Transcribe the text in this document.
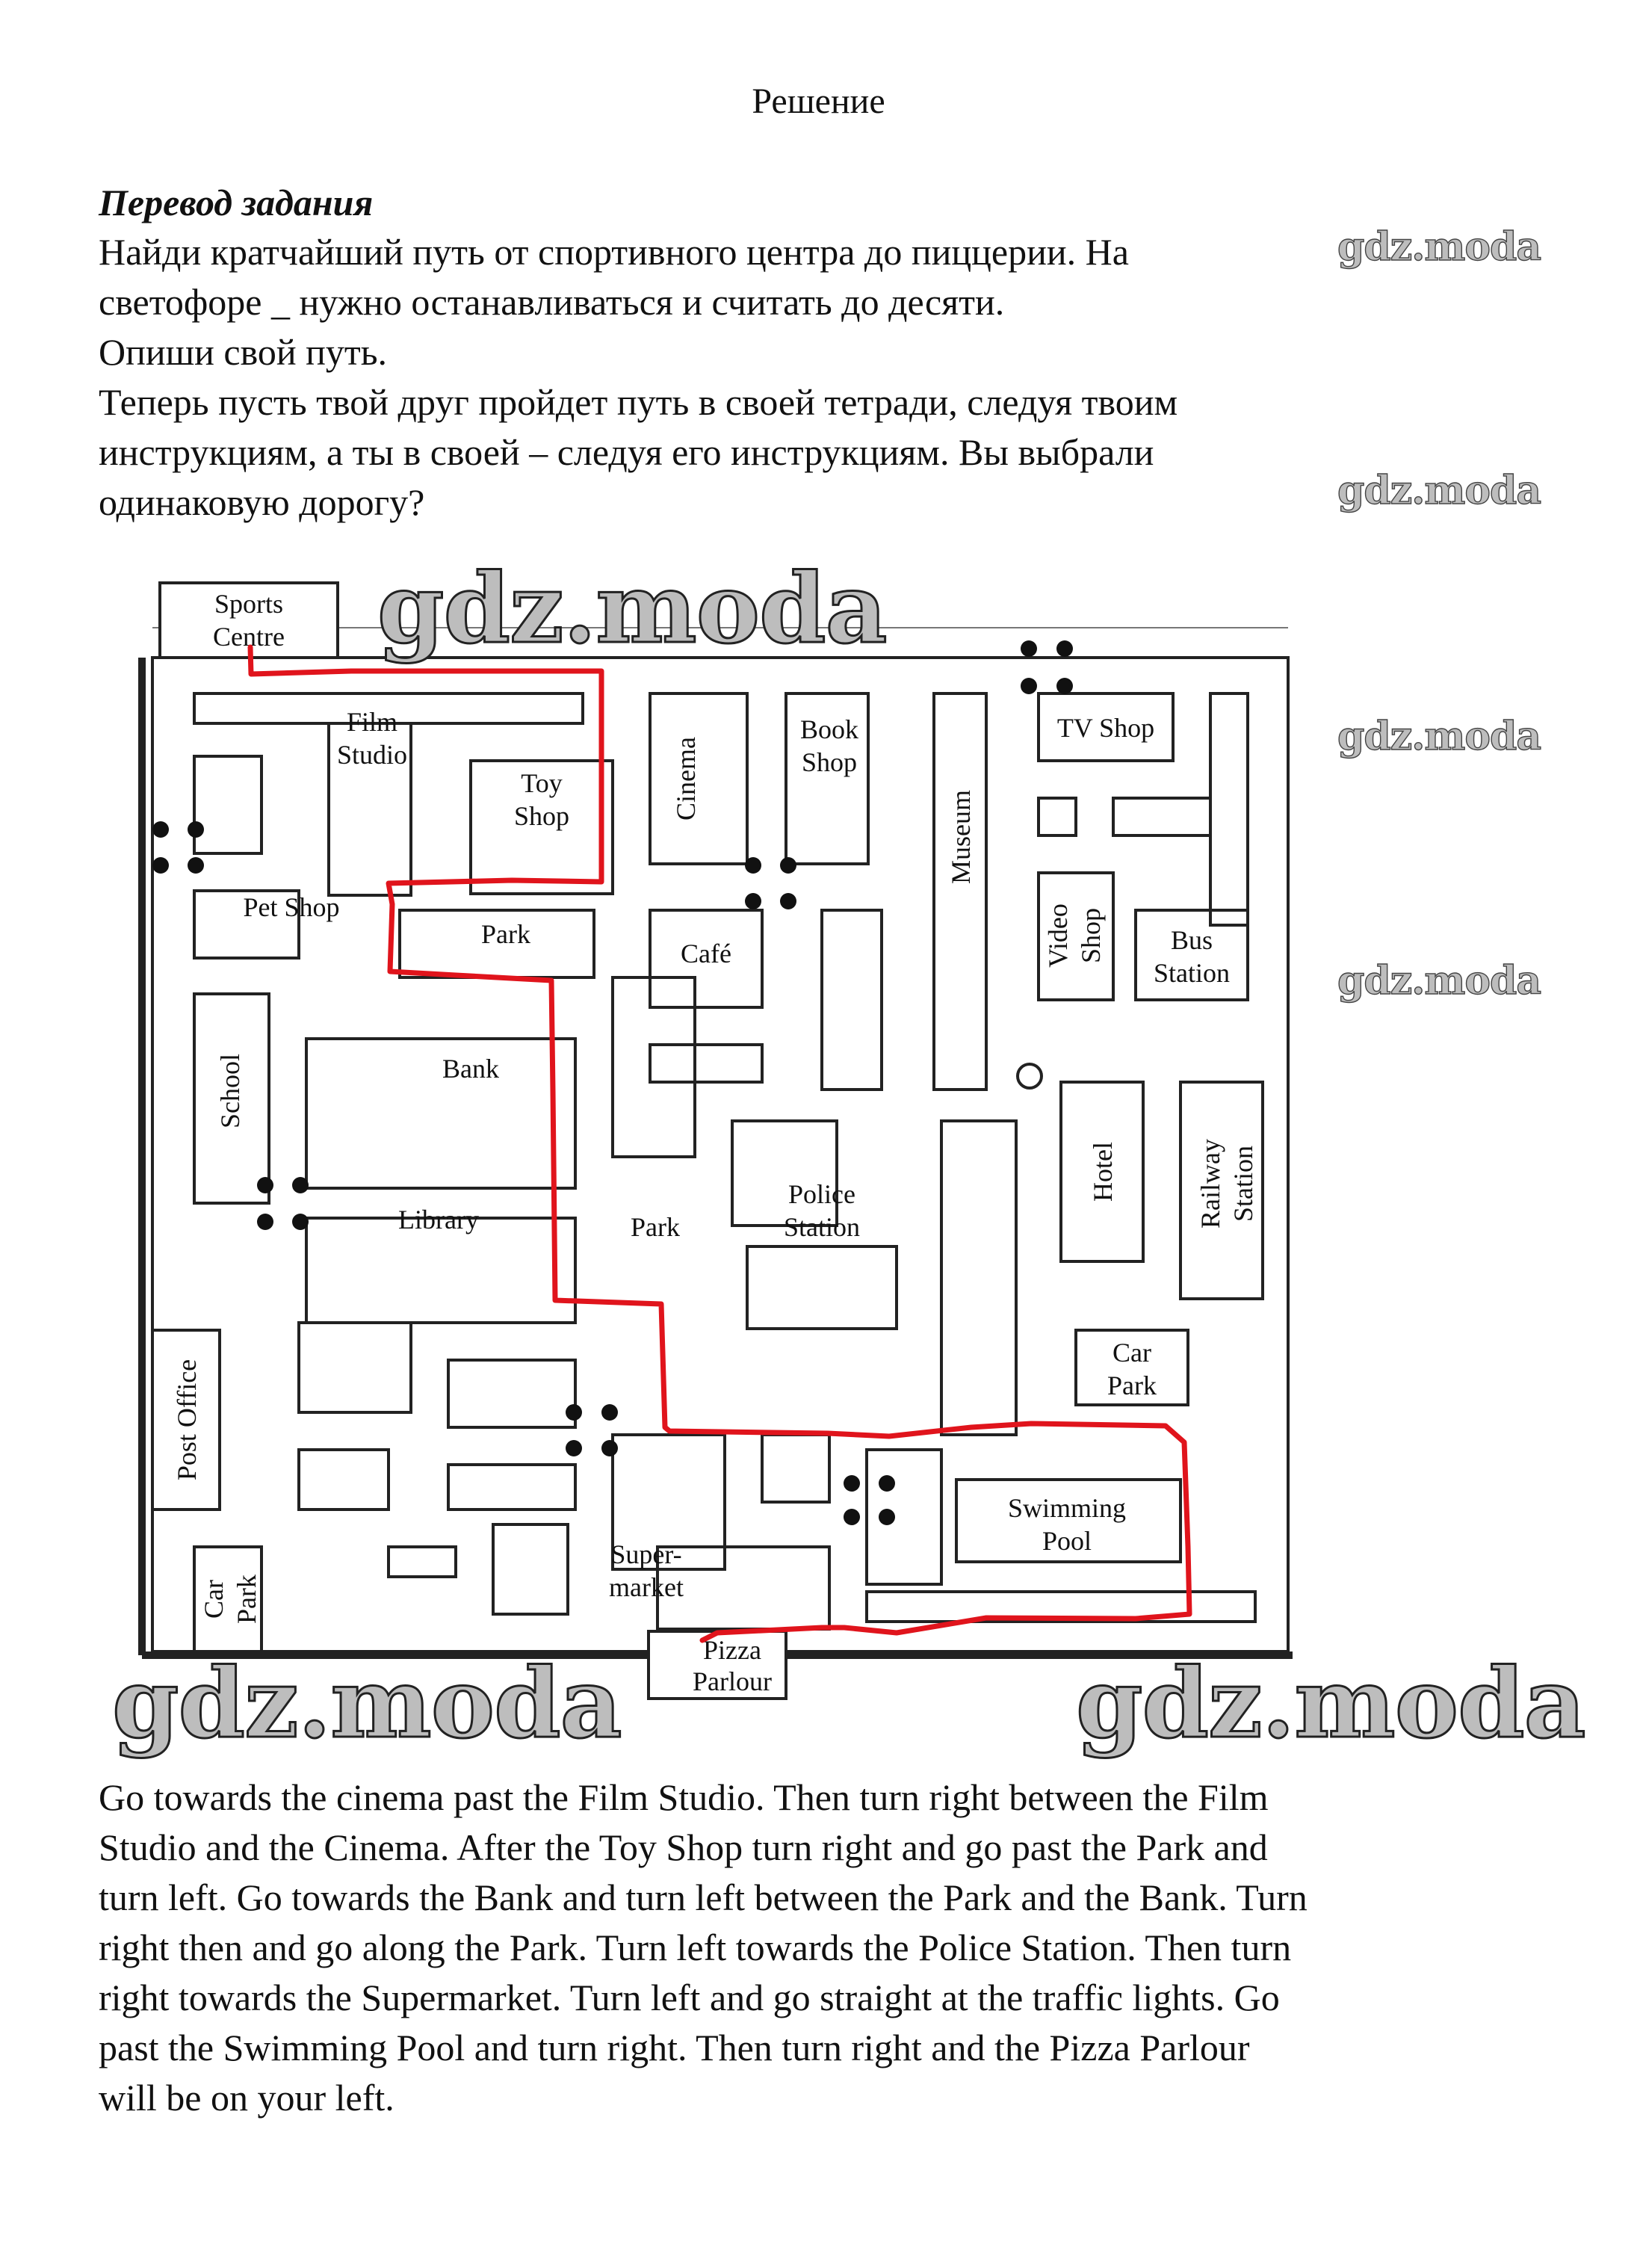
Решение
Перевод задания
Найди кратчайший путь от спортивного центра до пиццерии. На
светофоре _ нужно останавливаться и считать до десяти.
Опиши свой путь.
Теперь пусть твой друг пройдет путь в своей тетради, следуя твоим
инструкциям, а ты в своей – следуя его инструкциям. Вы выбрали
одинаковую дорогу?
gdz.moda
gdz.moda
gdz.moda
gdz.moda
Sports
Centre
Film
Studio
Toy
Shop	Cinema
Book
Shop
Museum
TV Shop
Pet Shop
Park
Café	Video Shop Bus
Station
School	Bank
Library	Park
Police
Station
Hotel	Railway Station
Car
Park
Post Office
Swimming
Pool
Car Park
Super-
market
Pizza
Parlour
gdz.moda
gdz.moda	gdz.moda
Go towards the cinema past the Film Studio. Then turn right between the Film
Studio and the Cinema. After the Toy Shop turn right and go past the Park and
turn left. Go towards the Bank and turn left between the Park and the Bank. Turn
right then and go along the Park. Turn left towards the Police Station. Then turn
right towards the Supermarket. Turn left and go straight at the traffic lights. Go
past the Swimming Pool and turn right. Then turn right and the Pizza Parlour
will be on your left.
